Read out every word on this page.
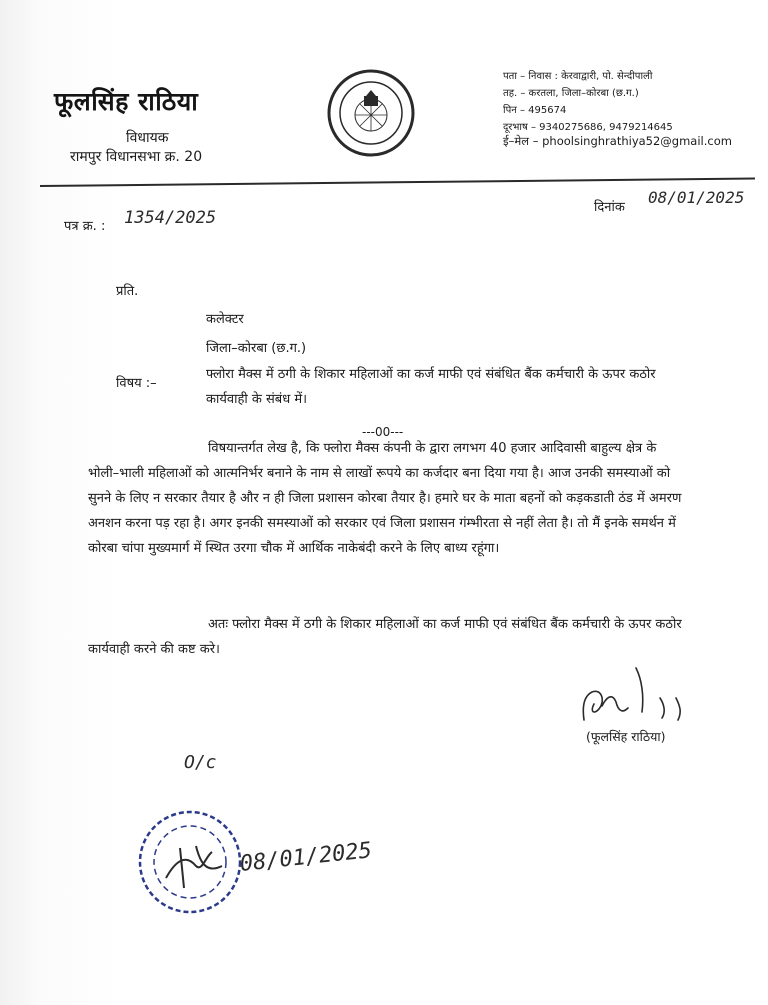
फूलसिंह राठिया
विधायक
रामपुर विधानसभा क्र. 20
पता – निवास : केरवाद्वारी, पो. सेन्दीपाली
तह. – करतला, जिला–कोरबा (छ.ग.)
पिन – 495674
दूरभाष – 9340275686, 9479214645
ई–मेल – phoolsinghrathiya52@gmail.com
पत्र क्र. : 1354/2025
दिनांक
08/01/2025
प्रति.
कलेक्टर
जिला–कोरबा (छ.ग.)
विषय :–
फ्लोरा मैक्स में ठगी के शिकार महिलाओं का कर्ज माफी एवं संबंधित बैंक कर्मचारी के ऊपर कठोर कार्यवाही के संबंध में।
---00---
विषयान्तर्गत लेख है, कि फ्लोरा मैक्स कंपनी के द्वारा लगभग 40 हजार आदिवासी बाहुल्य क्षेत्र के भोली–भाली महिलाओं को आत्मनिर्भर बनाने के नाम से लाखों रूपये का कर्जदार बना दिया गया है। आज उनकी समस्याओं को सुनने के लिए न सरकार तैयार है और न ही जिला प्रशासन कोरबा तैयार है। हमारे घर के माता बहनों को कड़कडाती ठंड में अमरण अनशन करना पड़ रहा है। अगर इनकी समस्याओं को सरकार एवं जिला प्रशासन गंम्भीरता से नहीं लेता है। तो मैं इनके समर्थन में कोरबा चांपा मुख्यमार्ग में स्थित उरगा चौक में आर्थिक नाकेबंदी करने के लिए बाध्य रहूंगा।
अतः फ्लोरा मैक्स में ठगी के शिकार महिलाओं का कर्ज माफी एवं संबंधित बैंक कर्मचारी के ऊपर कठोर कार्यवाही करने की कष्ट करे।
(फूलसिंह राठिया)
O/c
08/01/2025
